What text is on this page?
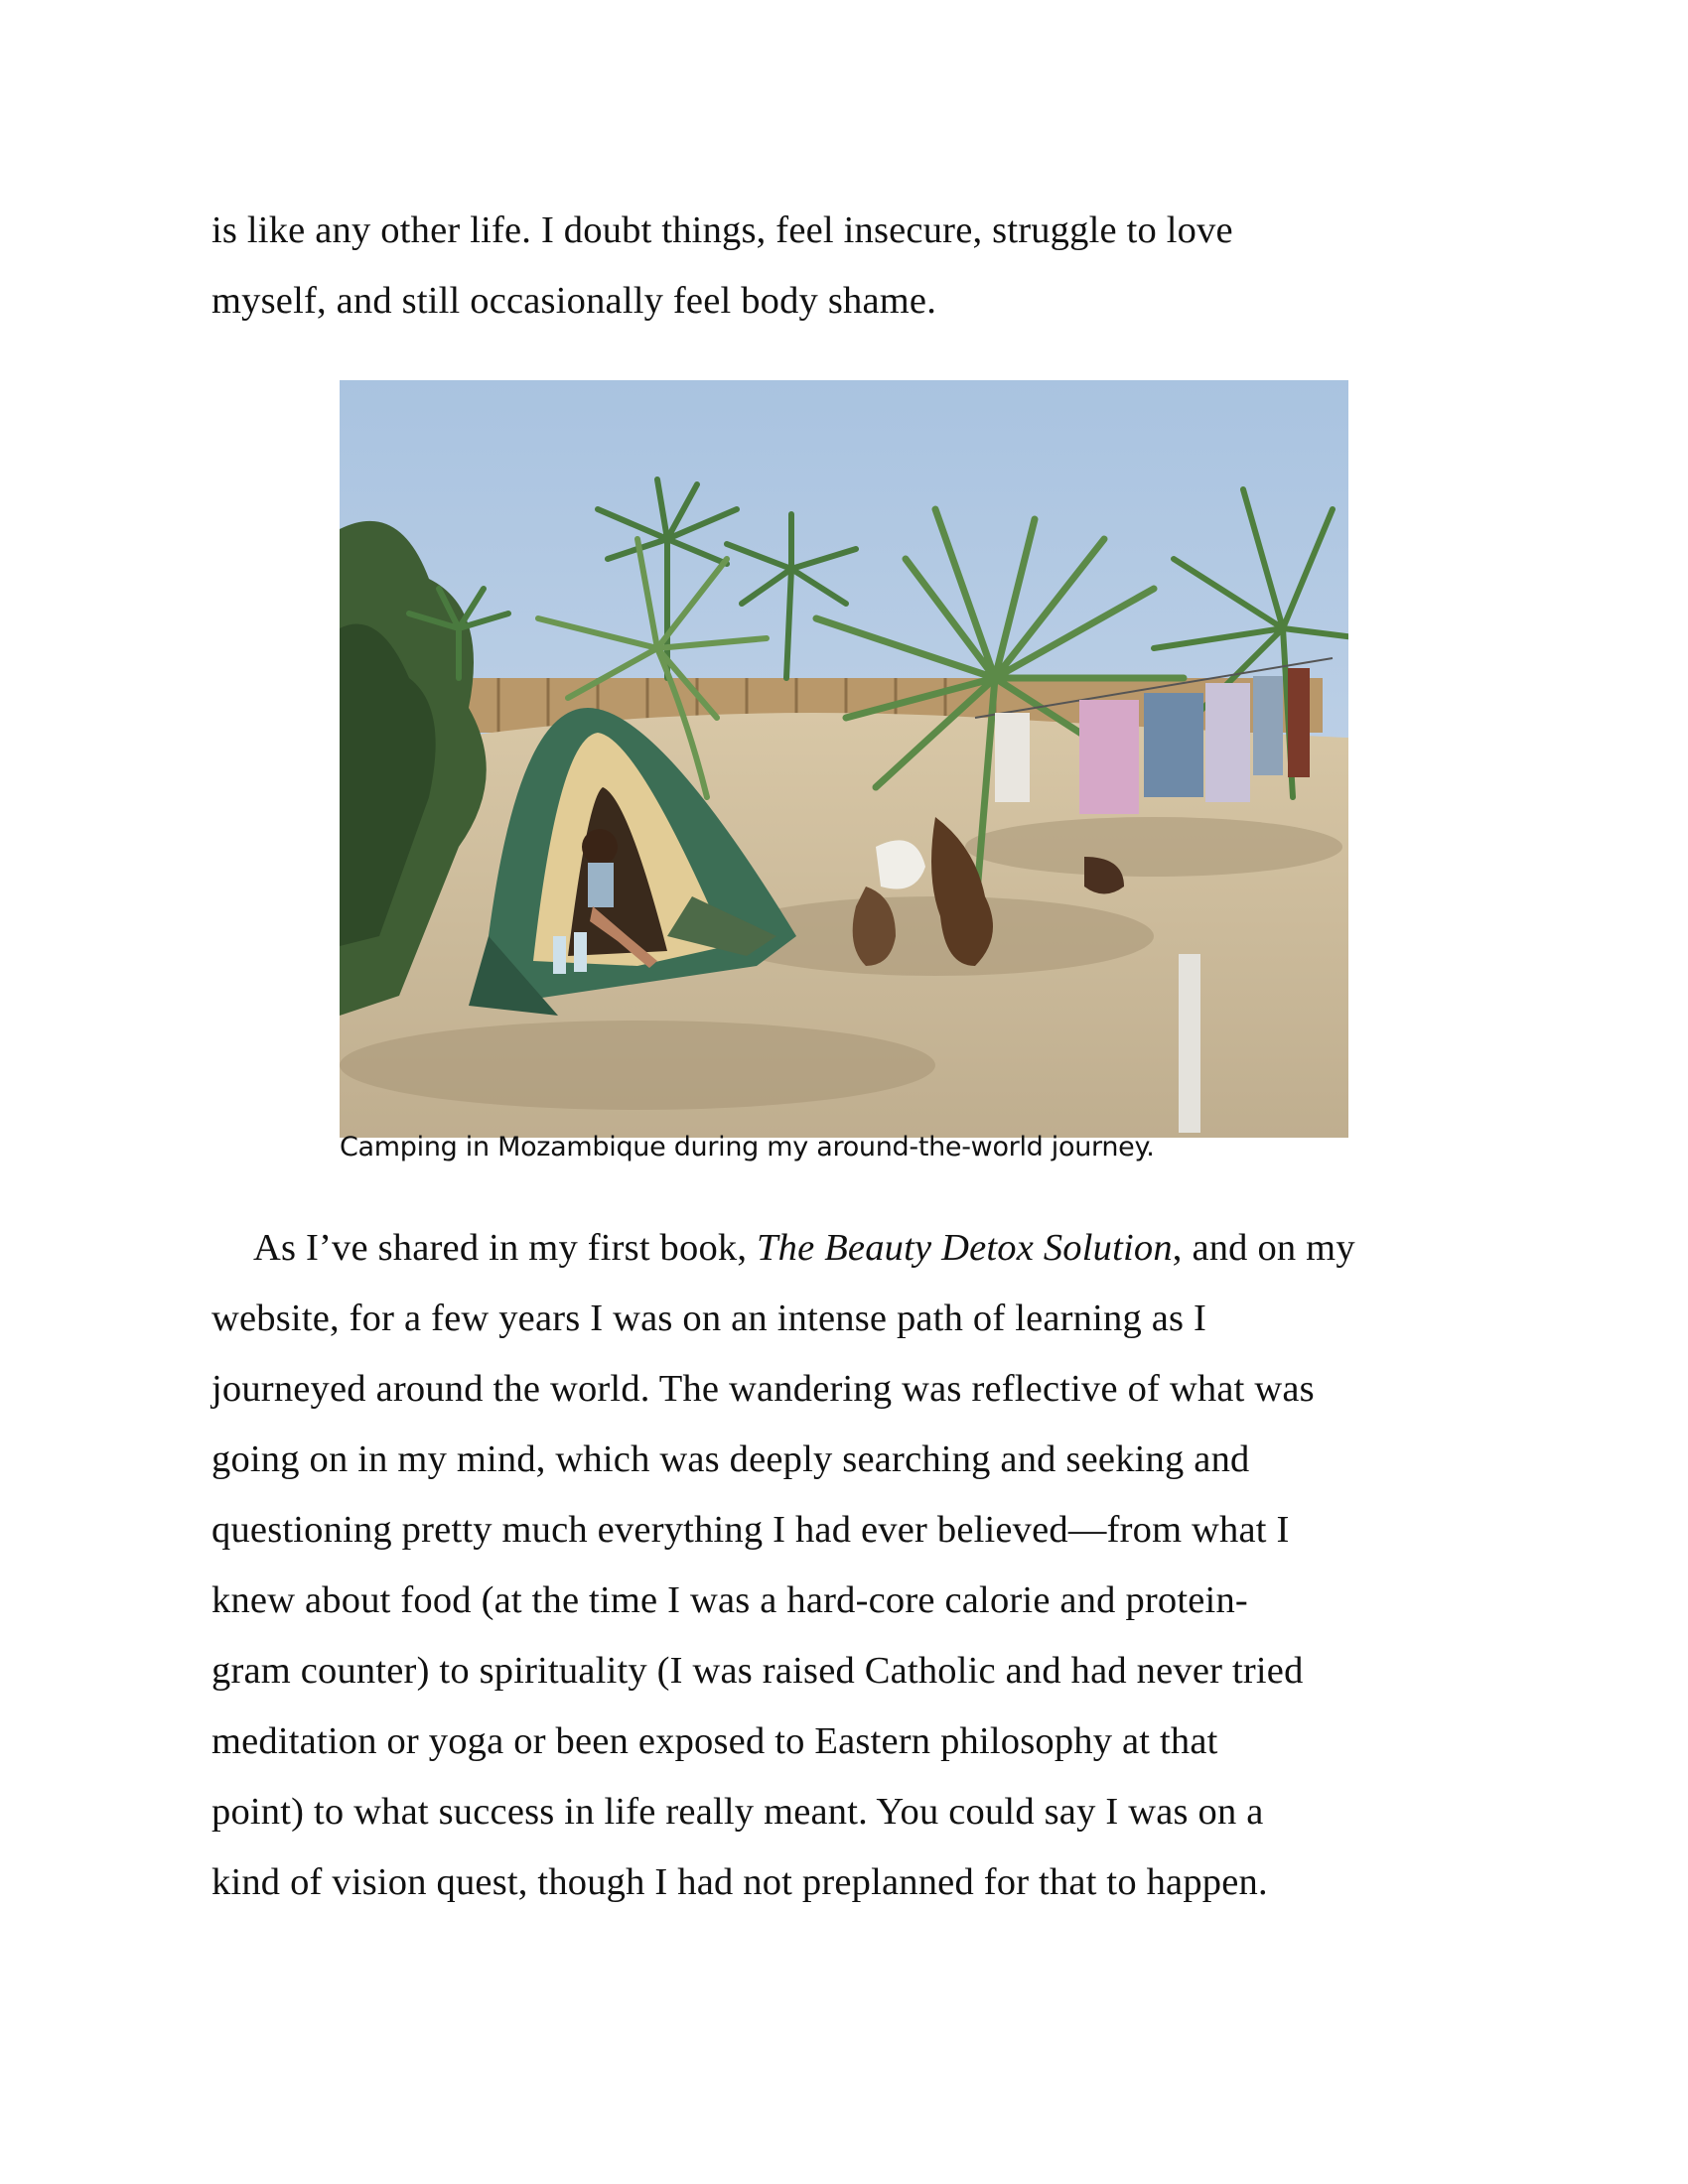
is like any other life. I doubt things, feel insecure, struggle to love
myself, and still occasionally feel body shame.
Camping in Mozambique during my around-the-world journey.
As I’ve shared in my first book, The Beauty Detox Solution, and on my
website, for a few years I was on an intense path of learning as I
journeyed around the world. The wandering was reflective of what was
going on in my mind, which was deeply searching and seeking and
questioning pretty much everything I had ever believed—from what I
knew about food (at the time I was a hard-core calorie and protein-
gram counter) to spirituality (I was raised Catholic and had never tried
meditation or yoga or been exposed to Eastern philosophy at that
point) to what success in life really meant. You could say I was on a
kind of vision quest, though I had not preplanned for that to happen.
